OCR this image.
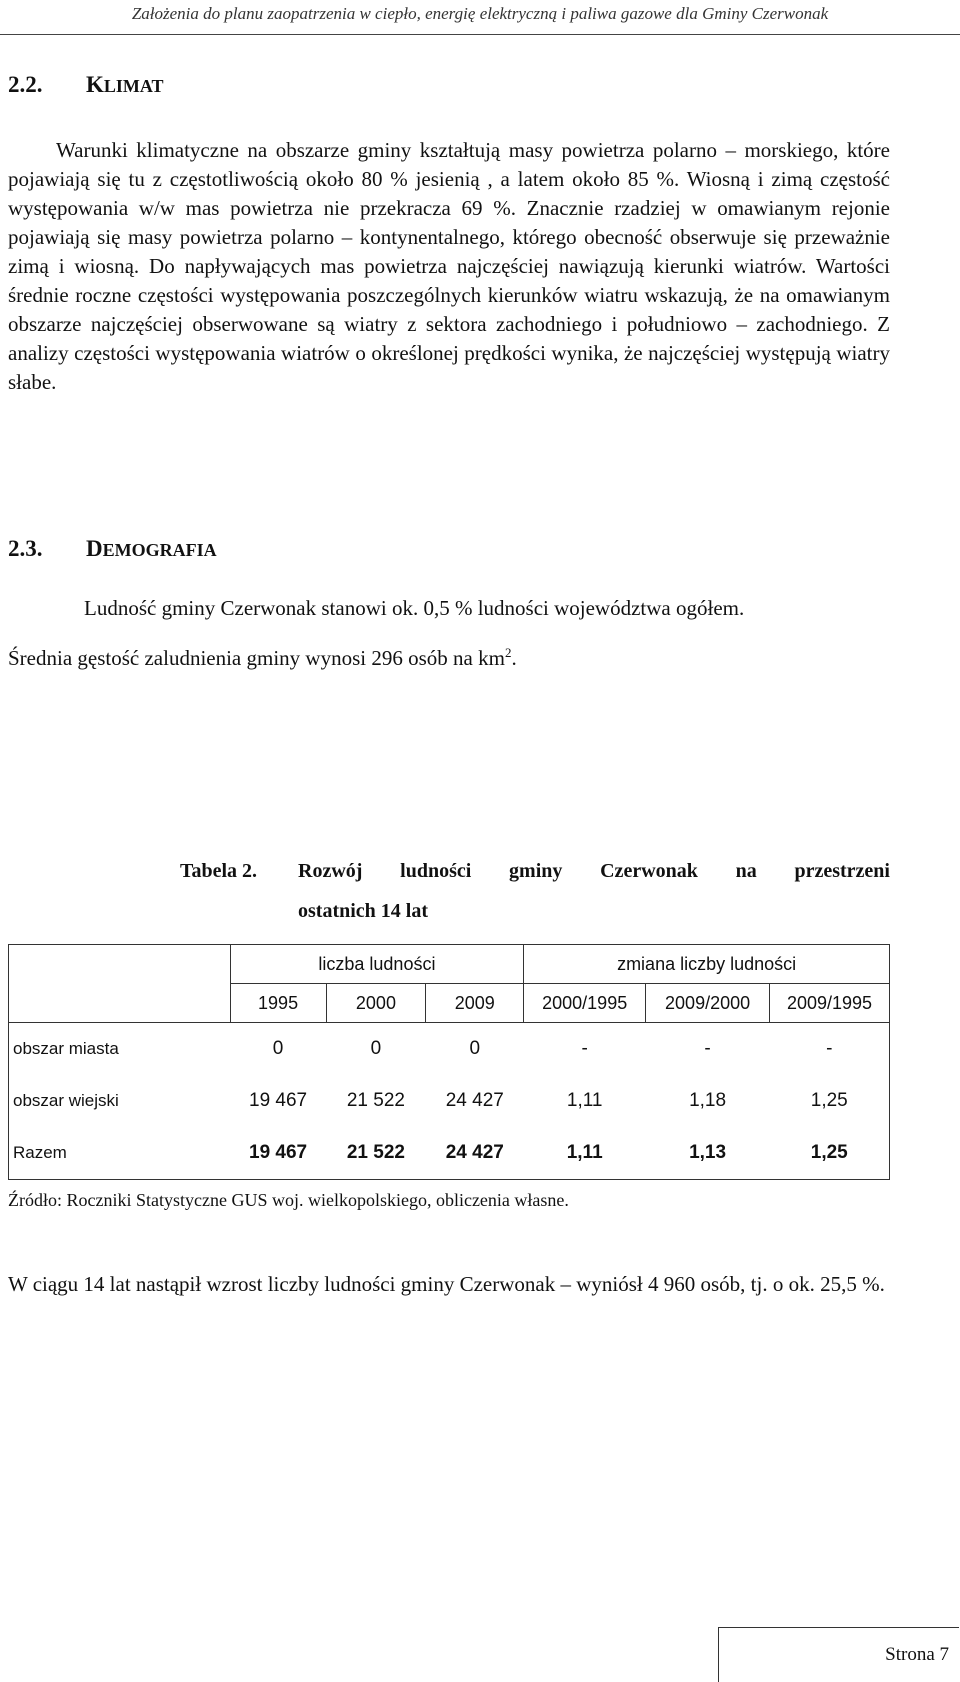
Założenia do planu zaopatrzenia w ciepło, energię elektryczną i paliwa gazowe dla Gminy Czerwonak
2.2. KLIMAT
Warunki klimatyczne na obszarze gminy kształtują masy powietrza polarno – morskiego, które pojawiają się tu z częstotliwością około 80 % jesienią , a latem około 85 %. Wiosną i zimą częstość występowania w/w mas powietrza nie przekracza 69 %. Znacznie rzadziej w omawianym rejonie pojawiają się masy powietrza polarno – kontynentalnego, którego obecność obserwuje się przeważnie zimą i wiosną. Do napływających mas powietrza najczęściej nawiązują kierunki wiatrów. Wartości średnie roczne częstości występowania poszczególnych kierunków wiatru wskazują, że na omawianym obszarze najczęściej obserwowane są wiatry z sektora zachodniego i południowo – zachodniego. Z analizy częstości występowania wiatrów o określonej prędkości wynika, że najczęściej występują wiatry słabe.
2.3. DEMOGRAFIA
Ludność gminy Czerwonak stanowi ok. 0,5 % ludności województwa ogółem.
Średnia gęstość zaludnienia gminy wynosi 296 osób na $km^2$.
Tabela 2. Rozwój ludności gminy Czerwonak na przestrzeni
ostatnich 14 lat
	liczba ludności			zmiana liczby ludności		
	1995	2000	2009	2000/1995	2009/2000	2009/1995
obszar miasta	0	0	0	-	-	-
obszar wiejski	19 467	21 522	24 427	1,11	1,18	1,25
Razem	19 467	21 522	24 427	1,11	1,13	1,25
Źródło: Roczniki Statystyczne GUS woj. wielkopolskiego, obliczenia własne.
W ciągu 14 lat nastąpił wzrost liczby ludności gminy Czerwonak – wyniósł 4 960 osób, tj. o ok. 25,5 %.
Strona 7
